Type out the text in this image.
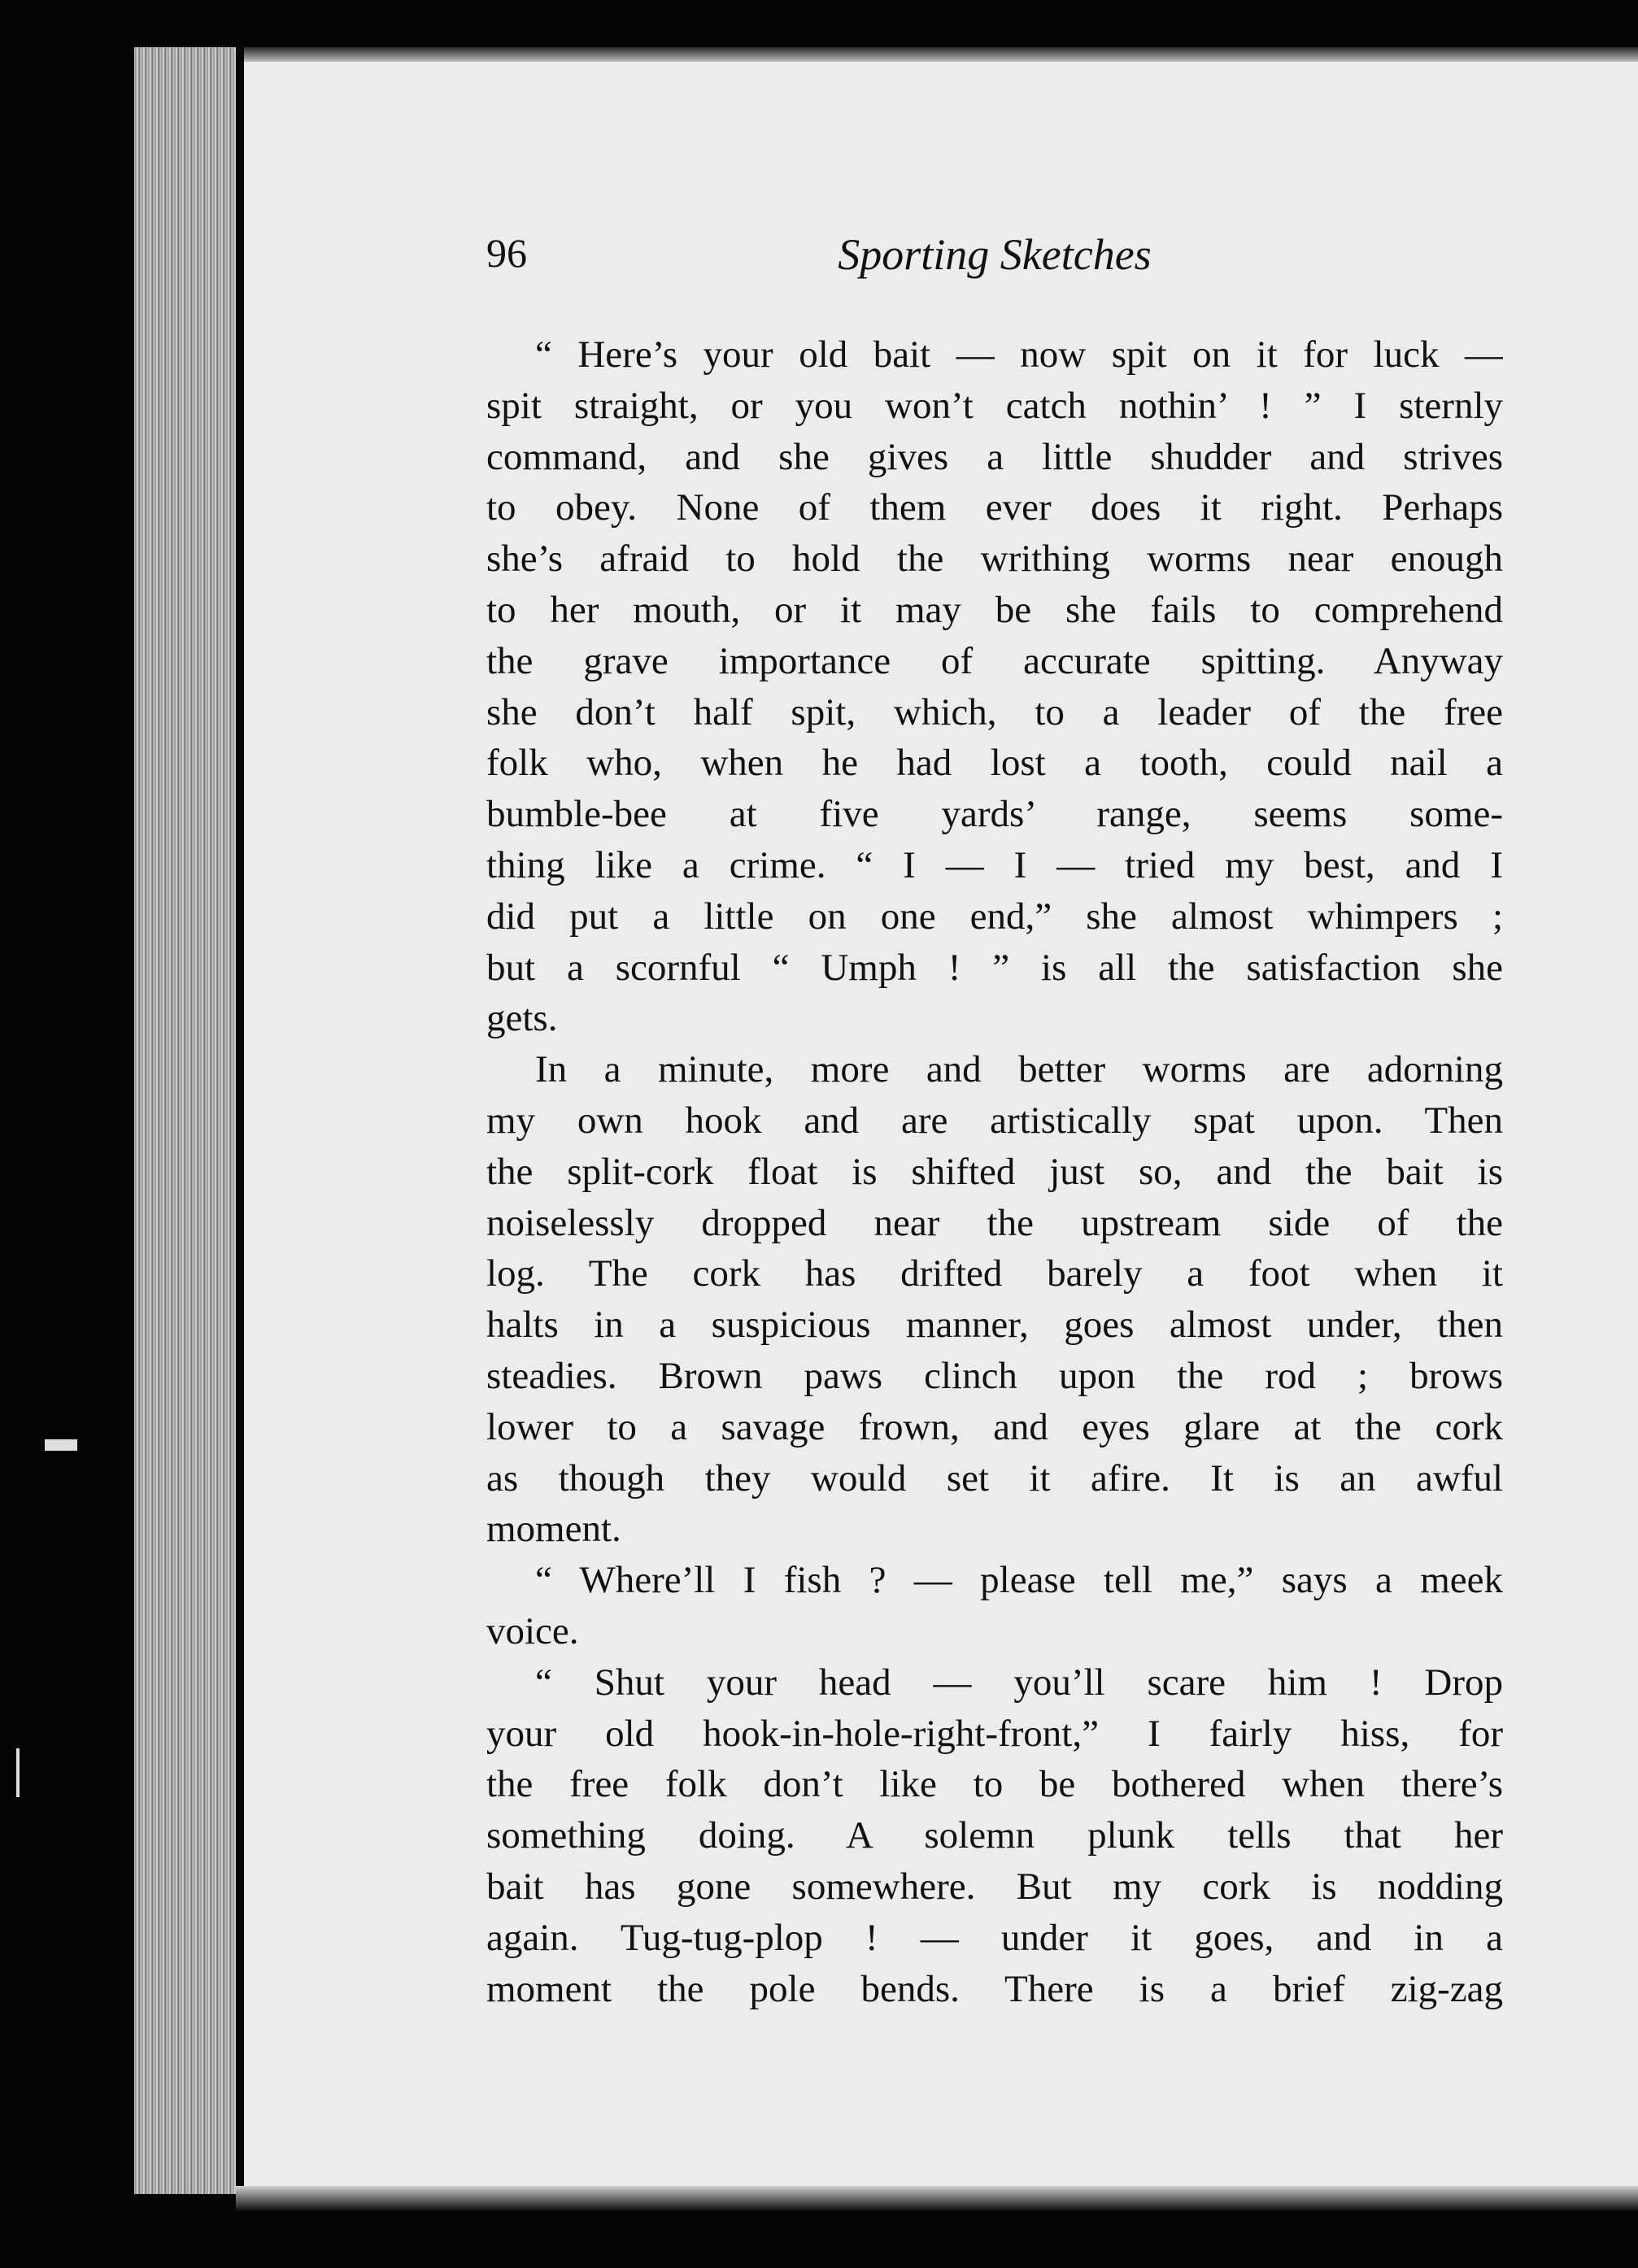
96	Sporting Sketches
“ Here’s your old bait — now spit on it for luck —
spit straight, or you won’t catch nothin’ ! ” I sternly
command, and she gives a little shudder and strives
to obey. None of them ever does it right. Perhaps
she’s afraid to hold the writhing worms near enough
to her mouth, or it may be she fails to comprehend
the grave importance of accurate spitting. Anyway
she don’t half spit, which, to a leader of the free
folk who, when he had lost a tooth, could nail a
bumble-bee at five yards’ range, seems some-
thing like a crime. “ I — I — tried my best, and I
did put a little on one end,” she almost whimpers ;
but a scornful “ Umph ! ” is all the satisfaction she
gets.
In a minute, more and better worms are adorning
my own hook and are artistically spat upon. Then
the split-cork float is shifted just so, and the bait is
noiselessly dropped near the upstream side of the
log. The cork has drifted barely a foot when it
halts in a suspicious manner, goes almost under, then
steadies. Brown paws clinch upon the rod ; brows
lower to a savage frown, and eyes glare at the cork
as though they would set it afire. It is an awful
moment.
“ Where’ll I fish ? — please tell me,” says a meek
voice.
“ Shut your head — you’ll scare him ! Drop
your old hook-in-hole-right-front,” I fairly hiss, for
the free folk don’t like to be bothered when there’s
something doing. A solemn plunk tells that her
bait has gone somewhere. But my cork is nodding
again. Tug-tug-plop ! — under it goes, and in a
moment the pole bends. There is a brief zig-zag
